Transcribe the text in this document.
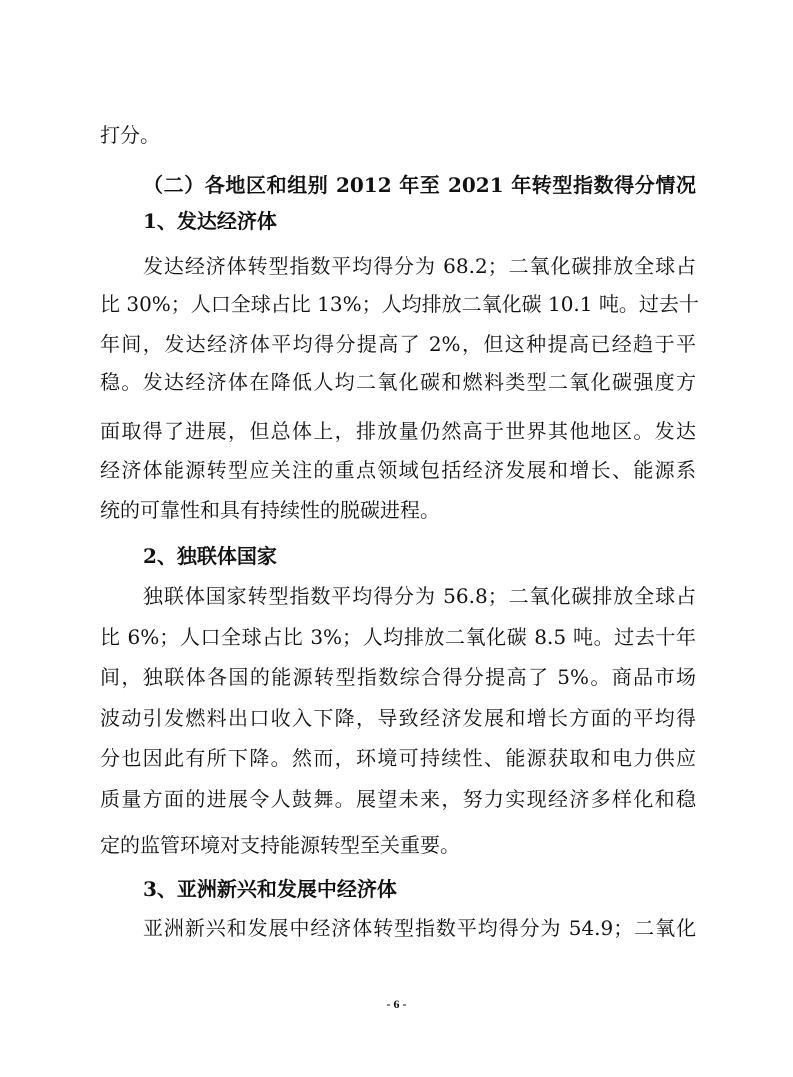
打分。
（二）各地区和组别 2012 年至 2021 年转型指数得分情况
1、发达经济体
发达经济体转型指数平均得分为 68.2；二氧化碳排放全球占
比 30%；人口全球占比 13%；人均排放二氧化碳 10.1 吨。过去十
年间，发达经济体平均得分提高了 2%，但这种提高已经趋于平
稳。发达经济体在降低人均二氧化碳和燃料类型二氧化碳强度方
面取得了进展，但总体上，排放量仍然高于世界其他地区。发达
经济体能源转型应关注的重点领域包括经济发展和增长、能源系
统的可靠性和具有持续性的脱碳进程。
2、独联体国家
独联体国家转型指数平均得分为 56.8；二氧化碳排放全球占
比 6%；人口全球占比 3%；人均排放二氧化碳 8.5 吨。过去十年
间，独联体各国的能源转型指数综合得分提高了 5%。商品市场
波动引发燃料出口收入下降，导致经济发展和增长方面的平均得
分也因此有所下降。然而，环境可持续性、能源获取和电力供应
质量方面的进展令人鼓舞。展望未来，努力实现经济多样化和稳
定的监管环境对支持能源转型至关重要。
3、亚洲新兴和发展中经济体
亚洲新兴和发展中经济体转型指数平均得分为 54.9；二氧化
- 6 -
